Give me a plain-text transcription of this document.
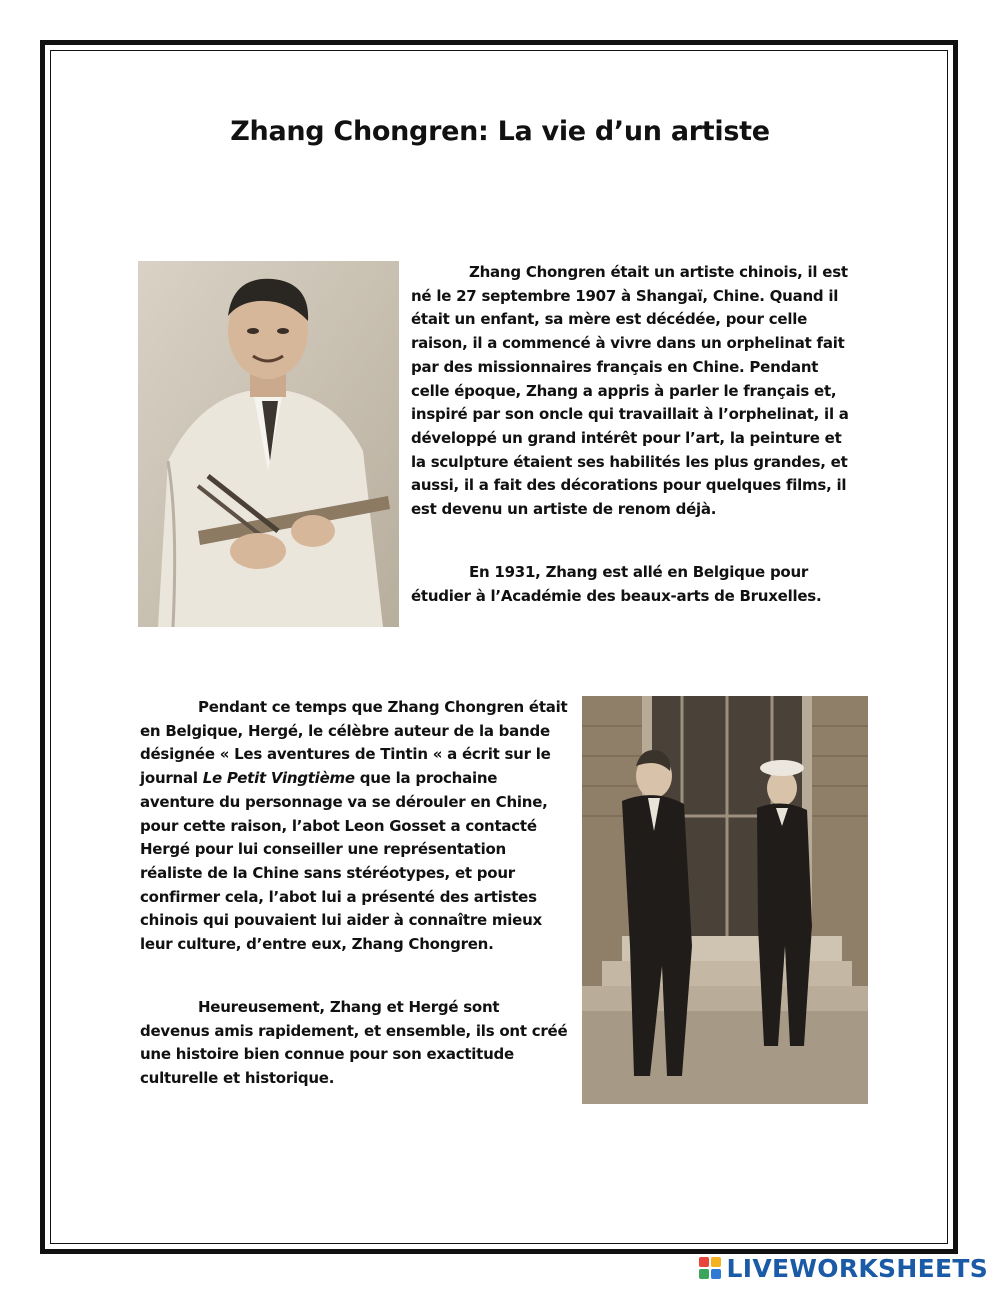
Zhang Chongren: La vie d’un artiste

Zhang Chongren était un artiste chinois, il est né le 27 septembre 1907 à Shangaï, Chine. Quand il était un enfant, sa mère est décédée, pour celle raison, il a commencé à vivre dans un orphelinat fait par des missionnaires français en Chine. Pendant celle époque, Zhang a appris à parler le français et, inspiré par son oncle qui travaillait à l’orphelinat, il a développé un grand intérêt pour l’art, la peinture et la sculpture étaient ses habilités les plus grandes, et aussi, il a fait des décorations pour quelques films, il est devenu un artiste de renom déjà.

En 1931, Zhang est allé en Belgique pour étudier à l’Académie des beaux-arts de Bruxelles.

Pendant ce temps que Zhang Chongren était en Belgique, Hergé, le célèbre auteur de la bande désignée « Les aventures de Tintin « a écrit sur le journal Le Petit Vingtième que la prochaine aventure du personnage va se dérouler en Chine, pour cette raison, l’abot Leon Gosset a contacté Hergé pour lui conseiller une représentation réaliste de la Chine sans stéréotypes, et pour confirmer cela, l’abot lui a présenté des artistes chinois qui pouvaient lui aider à connaître mieux leur culture, d’entre eux, Zhang Chongren.

Heureusement, Zhang et Hergé sont devenus amis rapidement, et ensemble, ils ont créé une histoire bien connue pour son exactitude culturelle et historique.

LIVEWORKSHEETS
